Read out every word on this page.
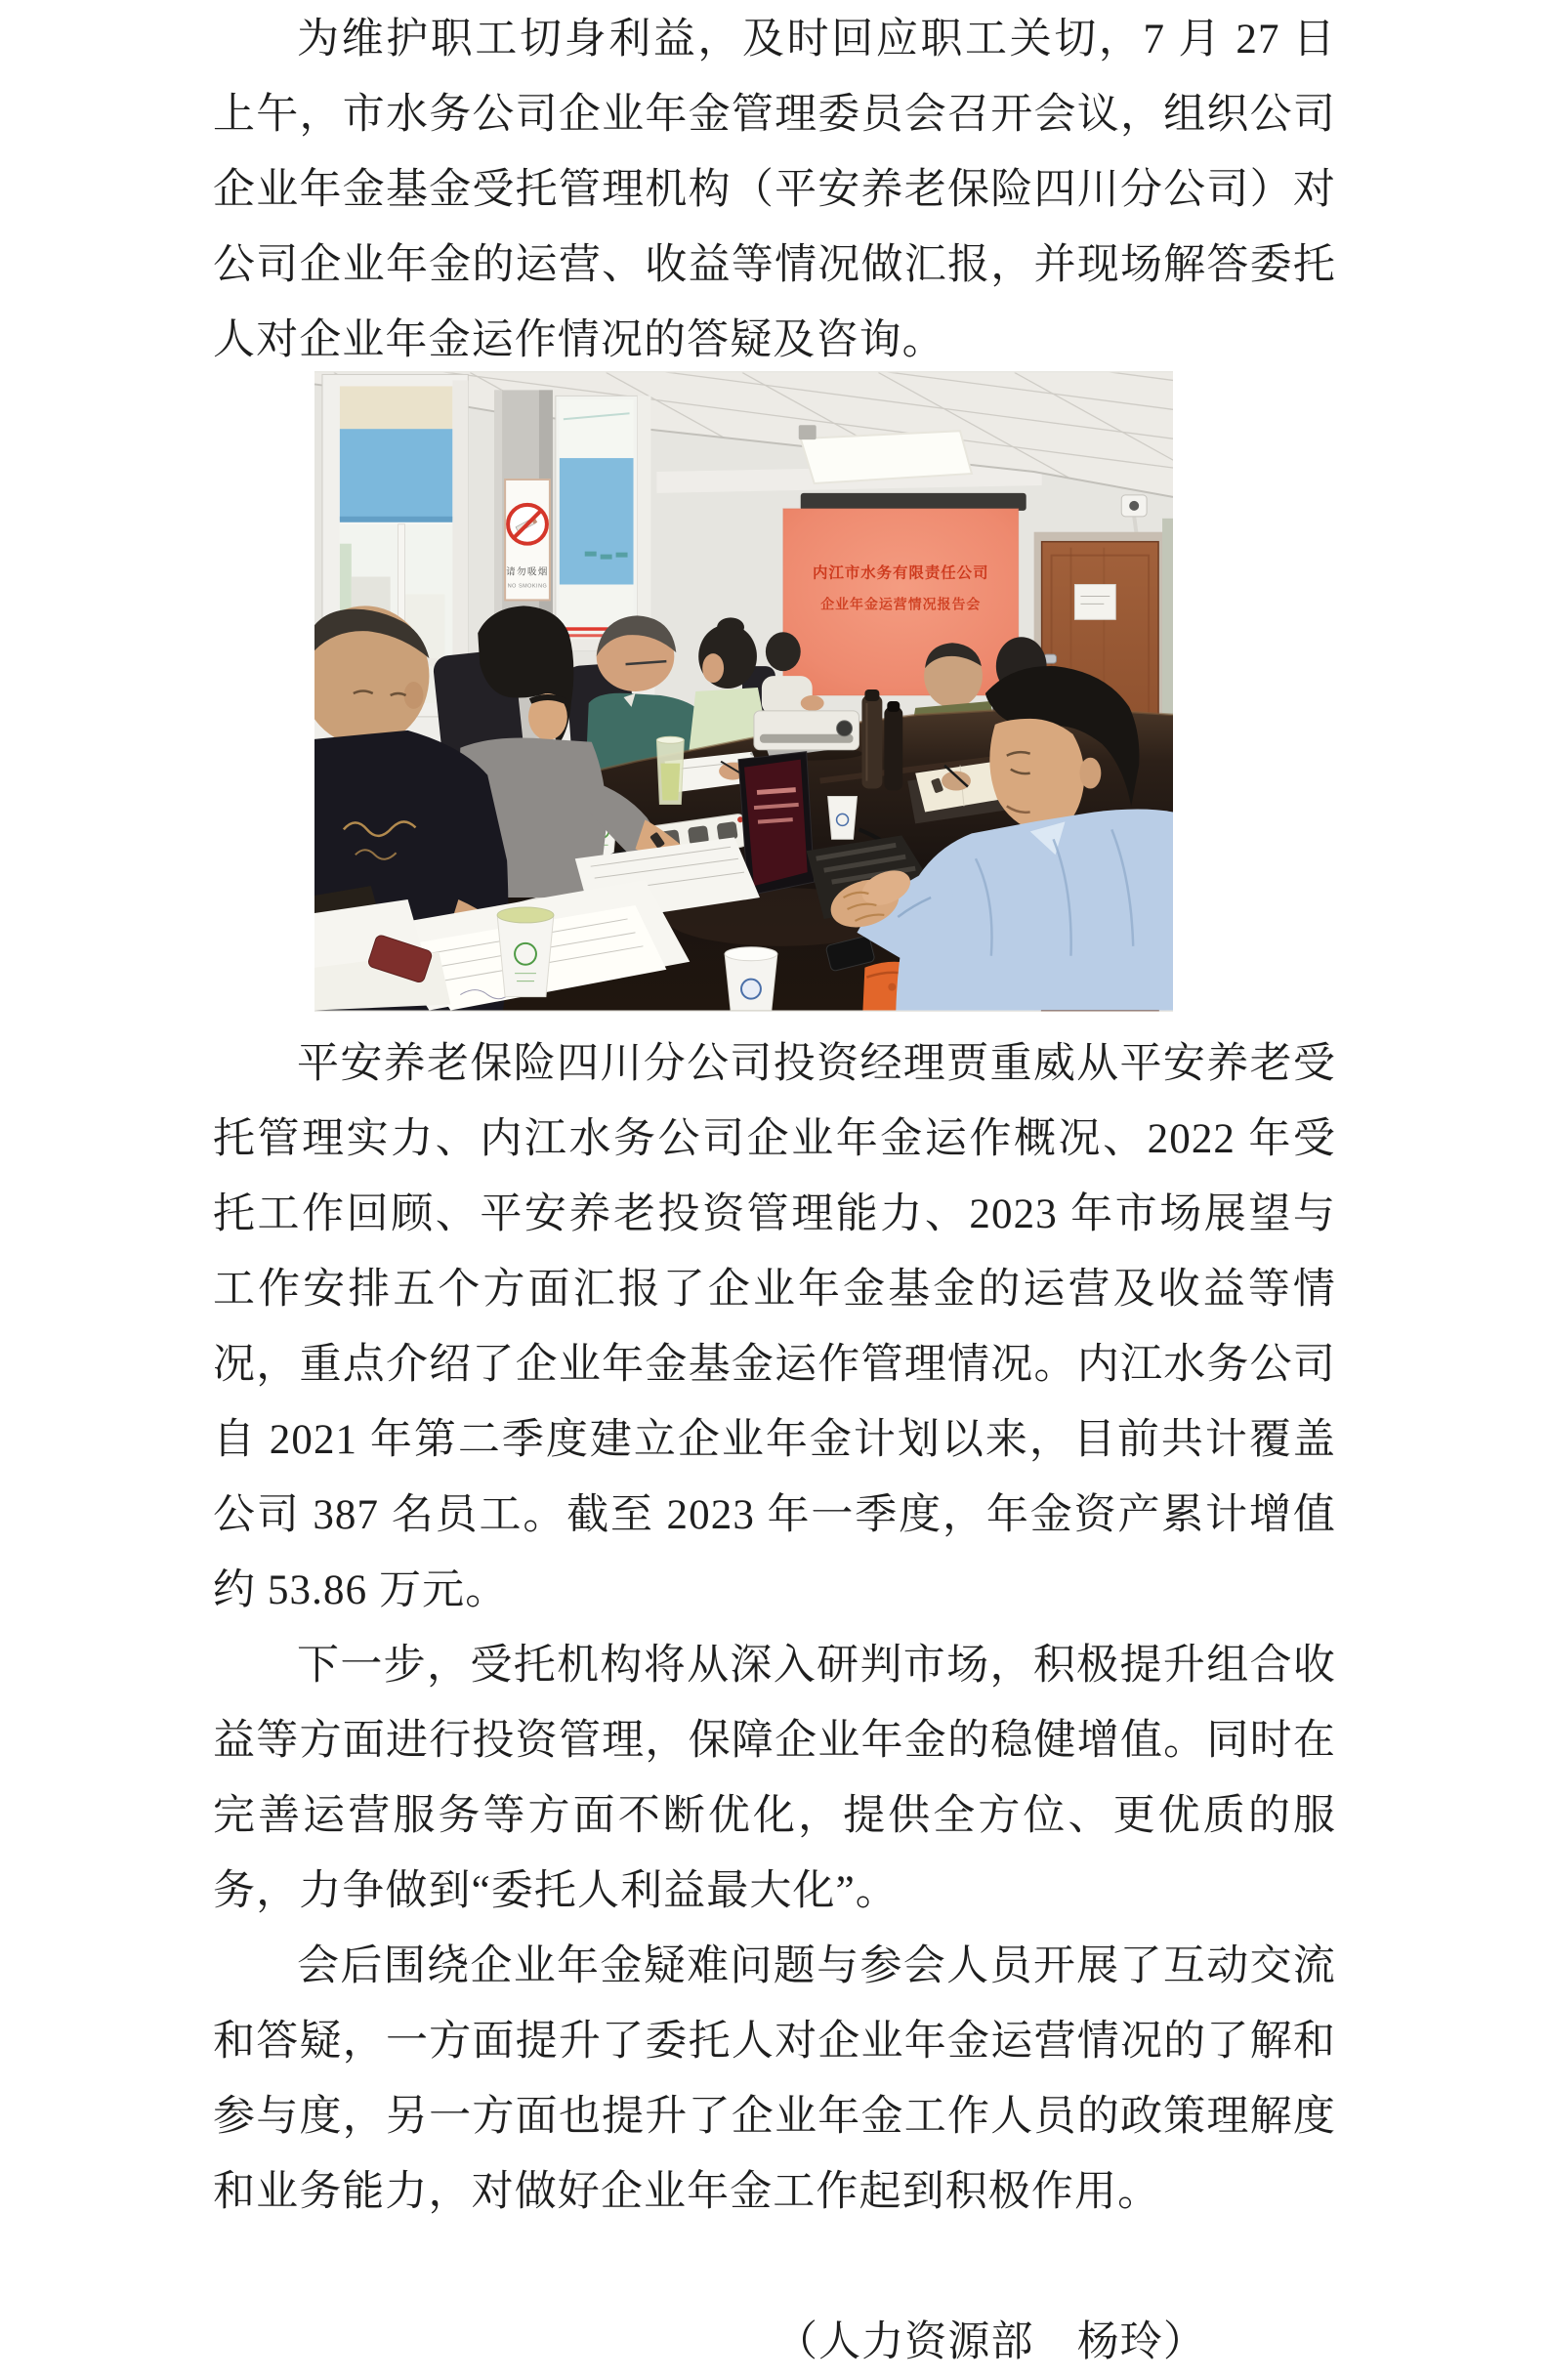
为维护职工切身利益，及时回应职工关切，7 月 27 日上午，市水务公司企业年金管理委员会召开会议，组织公司企业年金基金受托管理机构（平安养老保险四川分公司）对公司企业年金的运营、收益等情况做汇报，并现场解答委托人对企业年金运作情况的答疑及咨询。

请勿吸烟
NO SMOKING
内江市水务有限责任公司
企业年金运营情况报告会

平安养老保险四川分公司投资经理贾重威从平安养老受托管理实力、内江水务公司企业年金运作概况、2022 年受托工作回顾、平安养老投资管理能力、2023 年市场展望与工作安排五个方面汇报了企业年金基金的运营及收益等情况，重点介绍了企业年金基金运作管理情况。内江水务公司自 2021 年第二季度建立企业年金计划以来，目前共计覆盖公司 387 名员工。截至 2023 年一季度，年金资产累计增值约 53.86 万元。

下一步，受托机构将从深入研判市场，积极提升组合收益等方面进行投资管理，保障企业年金的稳健增值。同时在完善运营服务等方面不断优化，提供全方位、更优质的服务，力争做到“委托人利益最大化”。

会后围绕企业年金疑难问题与参会人员开展了互动交流和答疑，一方面提升了委托人对企业年金运营情况的了解和参与度，另一方面也提升了企业年金工作人员的政策理解度和业务能力，对做好企业年金工作起到积极作用。

（人力资源部　杨玲）
